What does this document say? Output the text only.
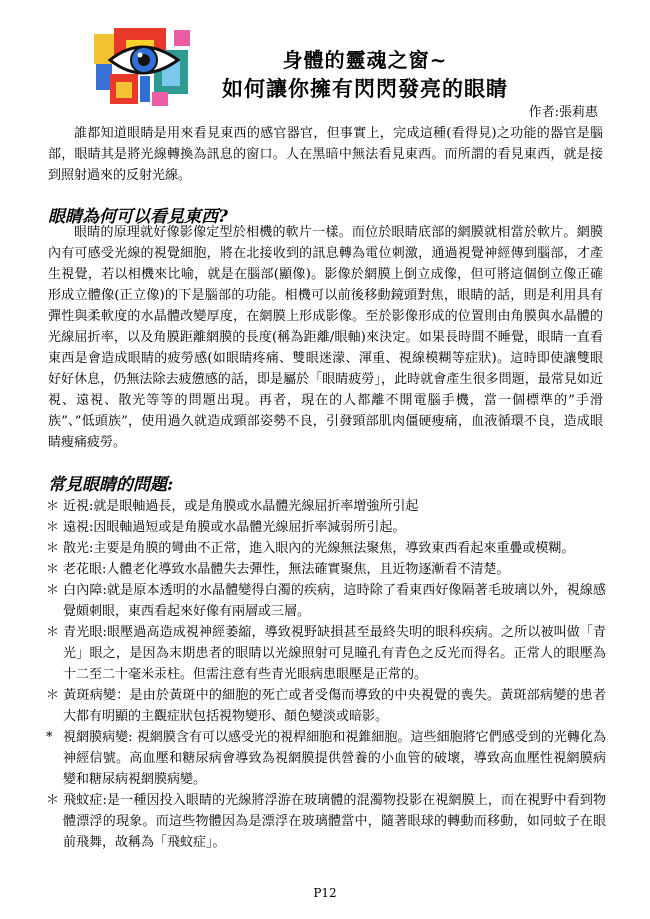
身體的靈魂之窗~
如何讓你擁有閃閃發亮的眼睛
作者:張莉惠

誰都知道眼睛是用來看見東西的感官器官，但事實上，完成這種(看得見)之功能的器官是腦部，眼睛其是將光線轉換為訊息的窗口。人在黑暗中無法看見東西。而所謂的看見東西，就是接到照射過來的反射光線。

眼睛為何可以看見東西?

眼睛的原理就好像影像定型於相機的軟片一樣。而位於眼睛底部的網膜就相當於軟片。網膜內有可感受光線的視覺細胞，將在北接收到的訊息轉為電位刺激，通過視覺神經傳到腦部，才產生視覺，若以相機來比喻，就是在腦部(顯像)。影像於網膜上倒立成像，但可將這個倒立像正確形成立體像(正立像)的下是腦部的功能。相機可以前後移動鏡頭對焦，眼睛的話，則是利用具有彈性與柔軟度的水晶體改變厚度，在網膜上形成影像。至於影像形成的位置則由角膜與水晶體的光線屈折率，以及角膜距離網膜的長度(稱為距離/眼軸)來決定。如果長時間不睡覺，眼睛一直看東西是會造成眼睛的疲勞感(如眼睛疼痛、雙眼迷濛、渾重、視線模糊等症狀)。這時即使讓雙眼好好休息，仍無法除去疲憊感的話，即是屬於「眼睛疲勞」，此時就會產生很多問題，最常見如近視、遠視、散光等等的問題出現。再者，現在的人都離不開電腦手機，當一個標準的”手滑族”、”低頭族”，使用過久就造成頸部姿勢不良，引發頸部肌肉僵硬瘦痛，血液循環不良，造成眼睛瘦痛疲勞。

常見眼睛的問題:
＊ 近視:就是眼軸過長，或是角膜或水晶體光線屈折率增強所引起
＊ 遠視:因眼軸過短或是角膜或水晶體光線屈折率減弱所引起。
＊ 散光:主要是角膜的彎曲不正常，進入眼內的光線無法聚焦，導致東西看起來重疊或模糊。
＊ 老花眼:人體老化導致水晶體失去彈性，無法確實聚焦，且近物逐漸看不清楚。
＊ 白內障:就是原本透明的水晶體變得白濁的疾病，這時除了看東西好像隔著毛玻璃以外，視線感覺頗刺眼，東西看起來好像有兩層或三層。
＊ 青光眼:眼壓過高造成視神經萎縮，導致視野缺損甚至最終失明的眼科疾病。之所以被叫做「青光」眼之，是因為末期患者的眼睛以光線照射可見瞳孔有青色之反光而得名。正常人的眼壓為十二至二十毫米汞柱。但需注意有些青光眼病患眼壓是正常的。
＊ 黃斑病變：是由於黃斑中的細胞的死亡或者受傷而導致的中央視覺的喪失。黃斑部病變的患者大都有明顯的主觀症狀包括視物變形、顏色變淡或暗影。
* 視網膜病變: 視網膜含有可以感受光的視桿細胞和視錐細胞。這些細胞將它們感受到的光轉化為神經信號。高血壓和糖尿病會導致為視網膜提供營養的小血管的破壞，導致高血壓性視網膜病變和糖尿病視網膜病變。
＊ 飛蚊症:是一種因投入眼睛的光線將浮游在玻璃體的混濁物投影在視網膜上，而在視野中看到物體漂浮的現象。而這些物體因為是漂浮在玻璃體當中，隨著眼球的轉動而移動，如同蚊子在眼前飛舞，故稱為「飛蚊症」。
P12
